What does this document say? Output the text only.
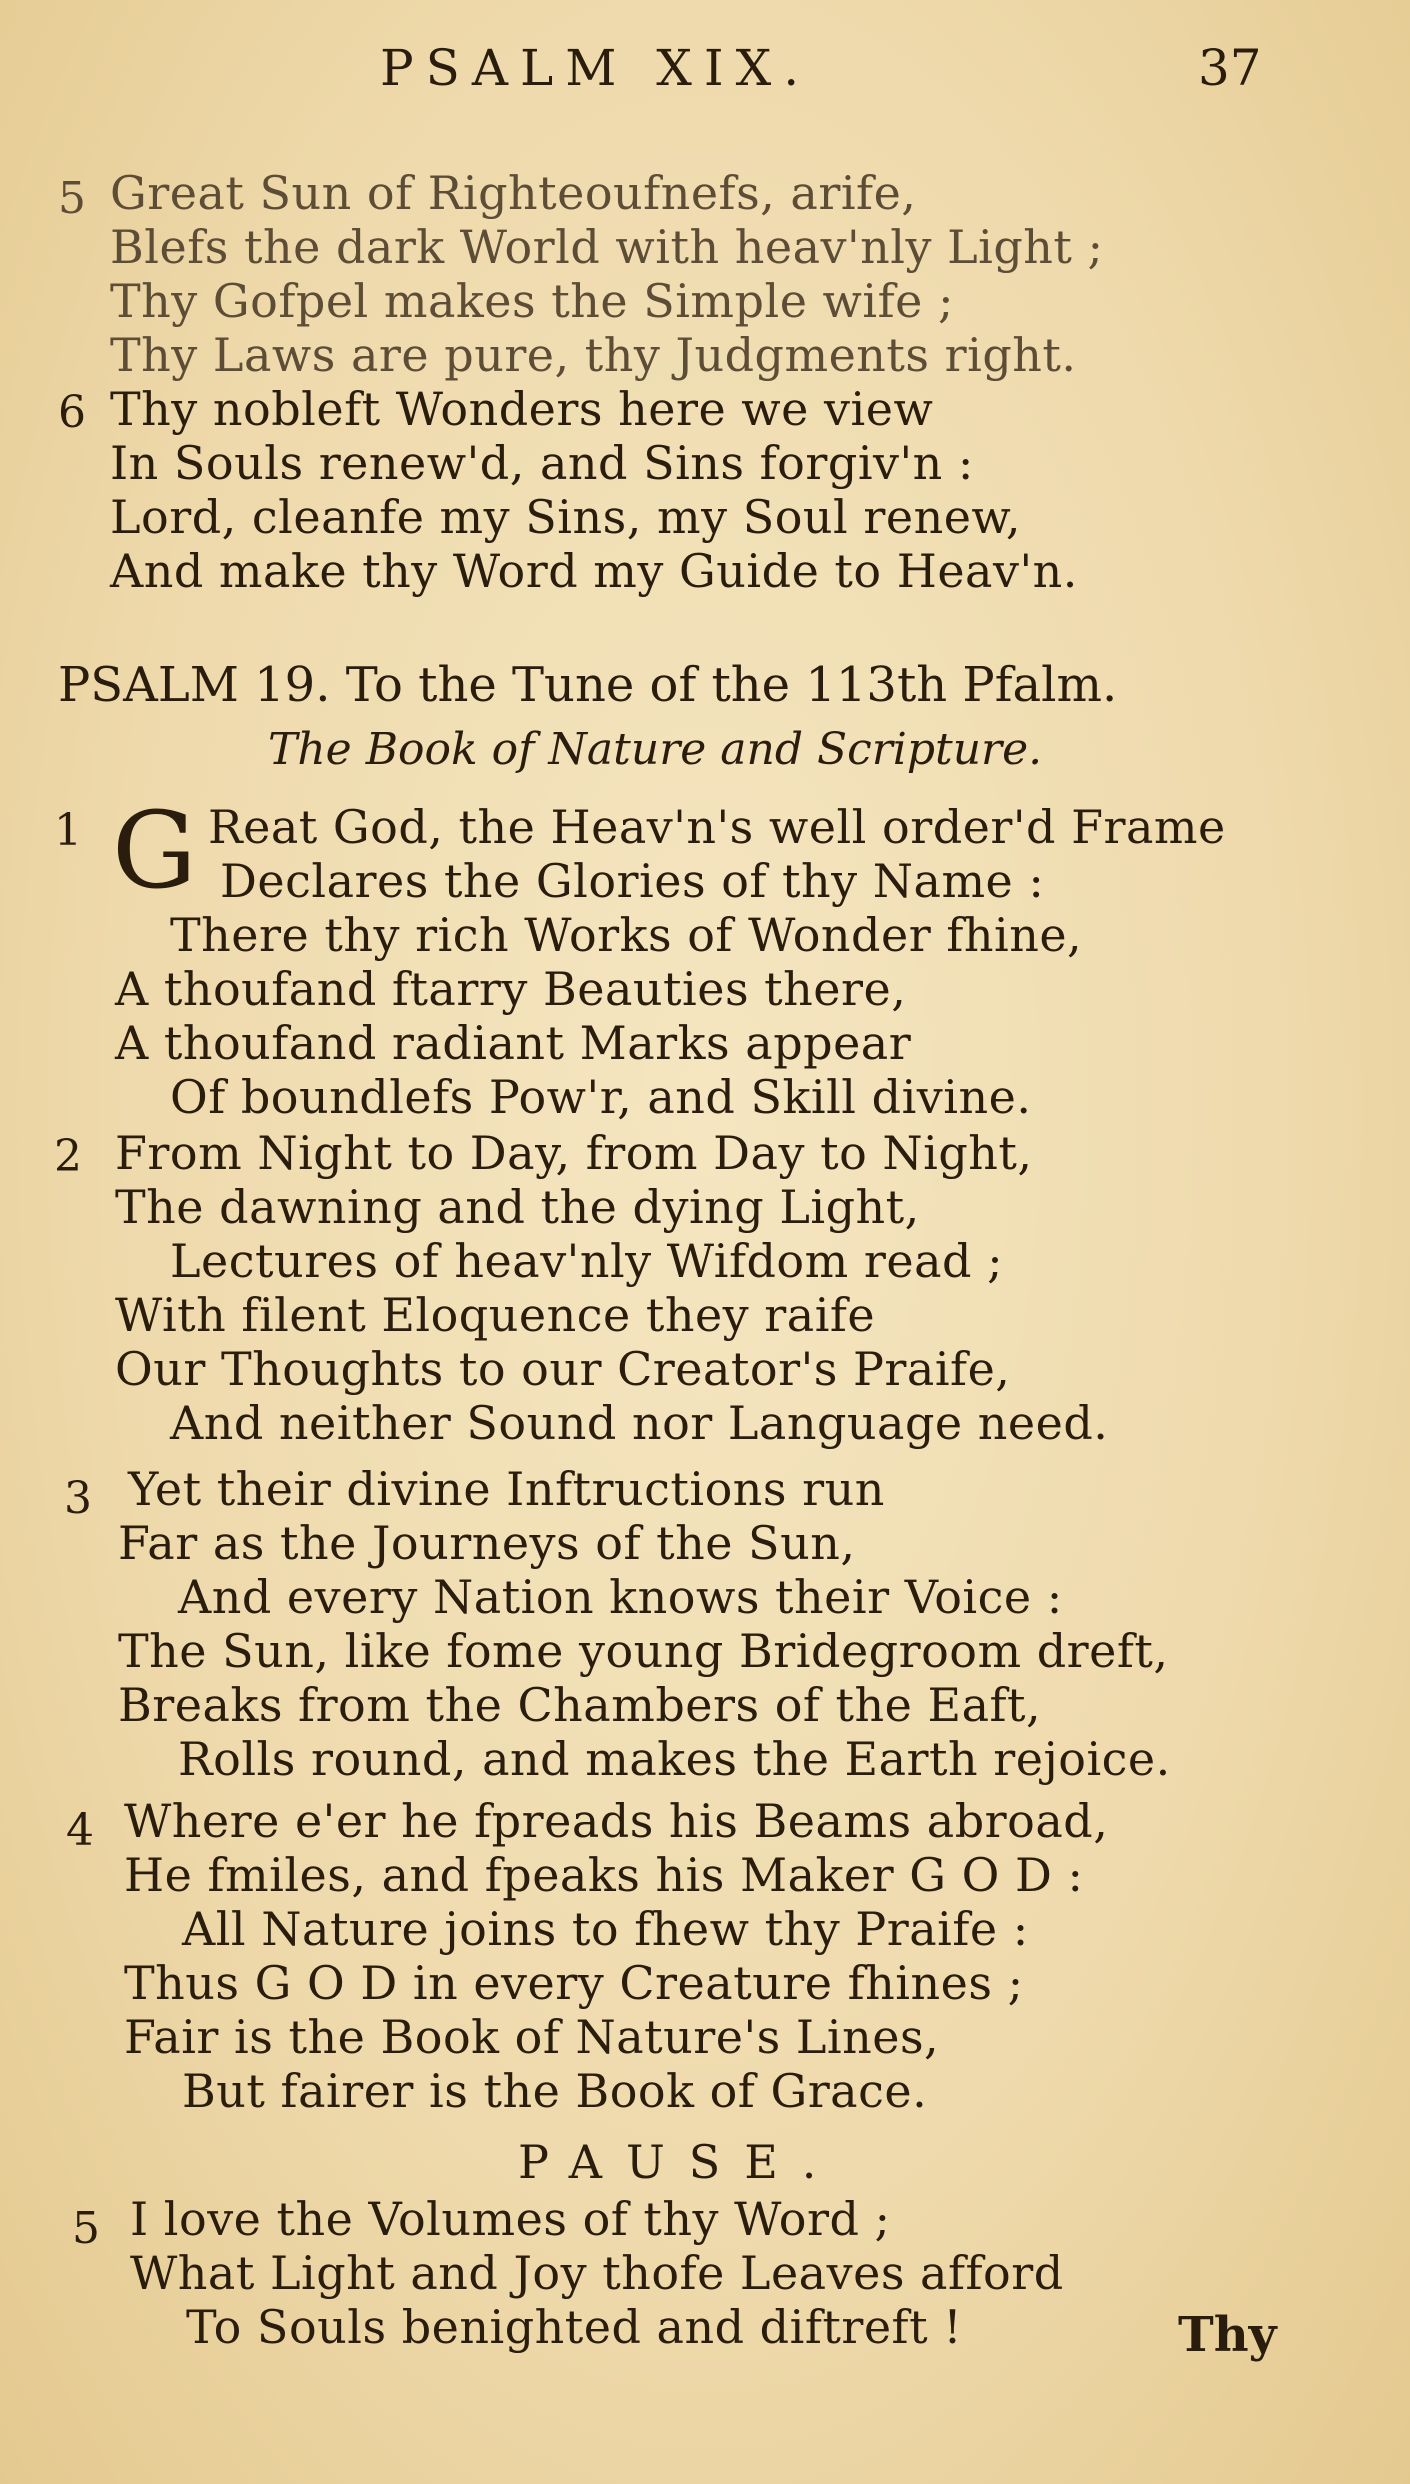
PSALM XIX.	37
5 Great Sun of Righteoufnefs, arife,
Blefs the dark World with heav'nly Light ;
Thy Gofpel makes the Simple wife ;
Thy Laws are pure, thy Judgments right.
6 Thy nobleft Wonders here we view
In Souls renew'd, and Sins forgiv'n :
Lord, cleanfe my Sins, my Soul renew,
And make thy Word my Guide to Heav'n.
PSALM 19. To the Tune of the 113th Pfalm.
The Book of Nature and Scripture.
1 G Reat God, the Heav'n's well order'd Frame
Declares the Glories of thy Name :
There thy rich Works of Wonder fhine,
A thoufand ftarry Beauties there,
A thoufand radiant Marks appear
Of boundlefs Pow'r, and Skill divine.
2 From Night to Day, from Day to Night,
The dawning and the dying Light,
Lectures of heav'nly Wifdom read ;
With filent Eloquence they raife
Our Thoughts to our Creator's Praife,
And neither Sound nor Language need.
3 Yet their divine Inftructions run
Far as the Journeys of the Sun,
And every Nation knows their Voice :
The Sun, like fome young Bridegroom dreft,
Breaks from the Chambers of the Eaft,
Rolls round, and makes the Earth rejoice.
4 Where e'er he fpreads his Beams abroad,
He fmiles, and fpeaks his Maker G O D :
All Nature joins to fhew thy Praife :
Thus G O D in every Creature fhines ;
Fair is the Book of Nature's Lines,
But fairer is the Book of Grace.
PAUSE.
5 I love the Volumes of thy Word ;
What Light and Joy thofe Leaves afford
To Souls benighted and diftreft !	Thy
